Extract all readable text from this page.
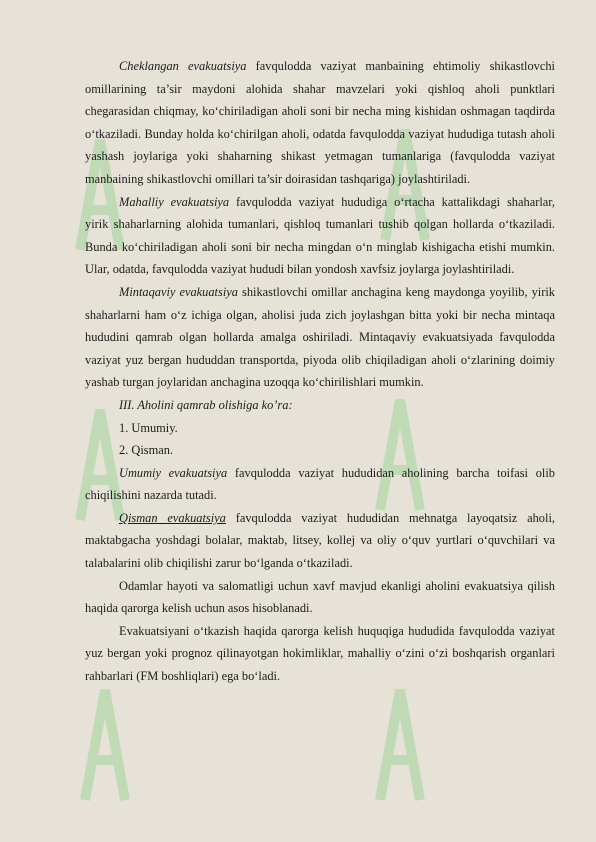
Cheklangan evakuatsiya favqulodda vaziyat manbaining ehtimoliy shikastlovchi omillarining ta’sir maydoni alohida shahar mavzelari yoki qishloq aholi punktlari chegarasidan chiqmay, ko‘chiriladigan aholi soni bir necha ming kishidan oshmagan taqdirda o‘tkaziladi. Bunday holda ko‘chirilgan aholi, odatda favqulodda vaziyat hududiga tutash aholi yashash joylariga yoki shaharning shikast yetmagan tumanlariga (favqulodda vaziyat manbaining shikastlovchi omillari ta’sir doirasidan tashqariga) joylashtiriladi.

Mahalliy evakuatsiya favqulodda vaziyat hududiga o‘rtacha kattalikdagi shaharlar, yirik shaharlarning alohida tumanlari, qishloq tumanlari tushib qolgan hollarda o‘tkaziladi. Bunda ko‘chiriladigan aholi soni bir necha mingdan o‘n minglab kishigacha etishi mumkin. Ular, odatda, favqulodda vaziyat hududi bilan yondosh xavfsiz joylarga joylashtiriladi.

Mintaqaviy evakuatsiya shikastlovchi omillar anchagina keng maydonga yoyilib, yirik shaharlarni ham o‘z ichiga olgan, aholisi juda zich joylashgan bitta yoki bir necha mintaqa hududini qamrab olgan hollarda amalga oshiriladi. Mintaqaviy evakuatsiyada favqulodda vaziyat yuz bergan hududdan transportda, piyoda olib chiqiladigan aholi o‘zlarining doimiy yashab turgan joylaridan anchagina uzoqqa ko‘chirilishlari mumkin.

III. Aholini qamrab olishiga ko’ra:

1. Umumiy.

2. Qisman.

Umumiy evakuatsiya favqulodda vaziyat hududidan aholining barcha toifasi olib chiqilishini nazarda tutadi.

Qisman evakuatsiya favqulodda vaziyat hududidan mehnatga layoqatsiz aholi, maktabgacha yoshdagi bolalar, maktab, litsey, kollej va oliy o‘quv yurtlari o‘quvchilari va talabalarini olib chiqilishi zarur bo‘lganda o‘tkaziladi.

Odamlar hayoti va salomatligi uchun xavf mavjud ekanligi aholini evakuatsiya qilish haqida qarorga kelish uchun asos hisoblanadi.

Evakuatsiyani o‘tkazish haqida qarorga kelish huquqiga hududida favqulodda vaziyat yuz bergan yoki prognoz qilinayotgan hokimliklar, mahalliy o‘zini o‘zi boshqarish organlari rahbarlari (FM boshliqlari) ega bo‘ladi.
